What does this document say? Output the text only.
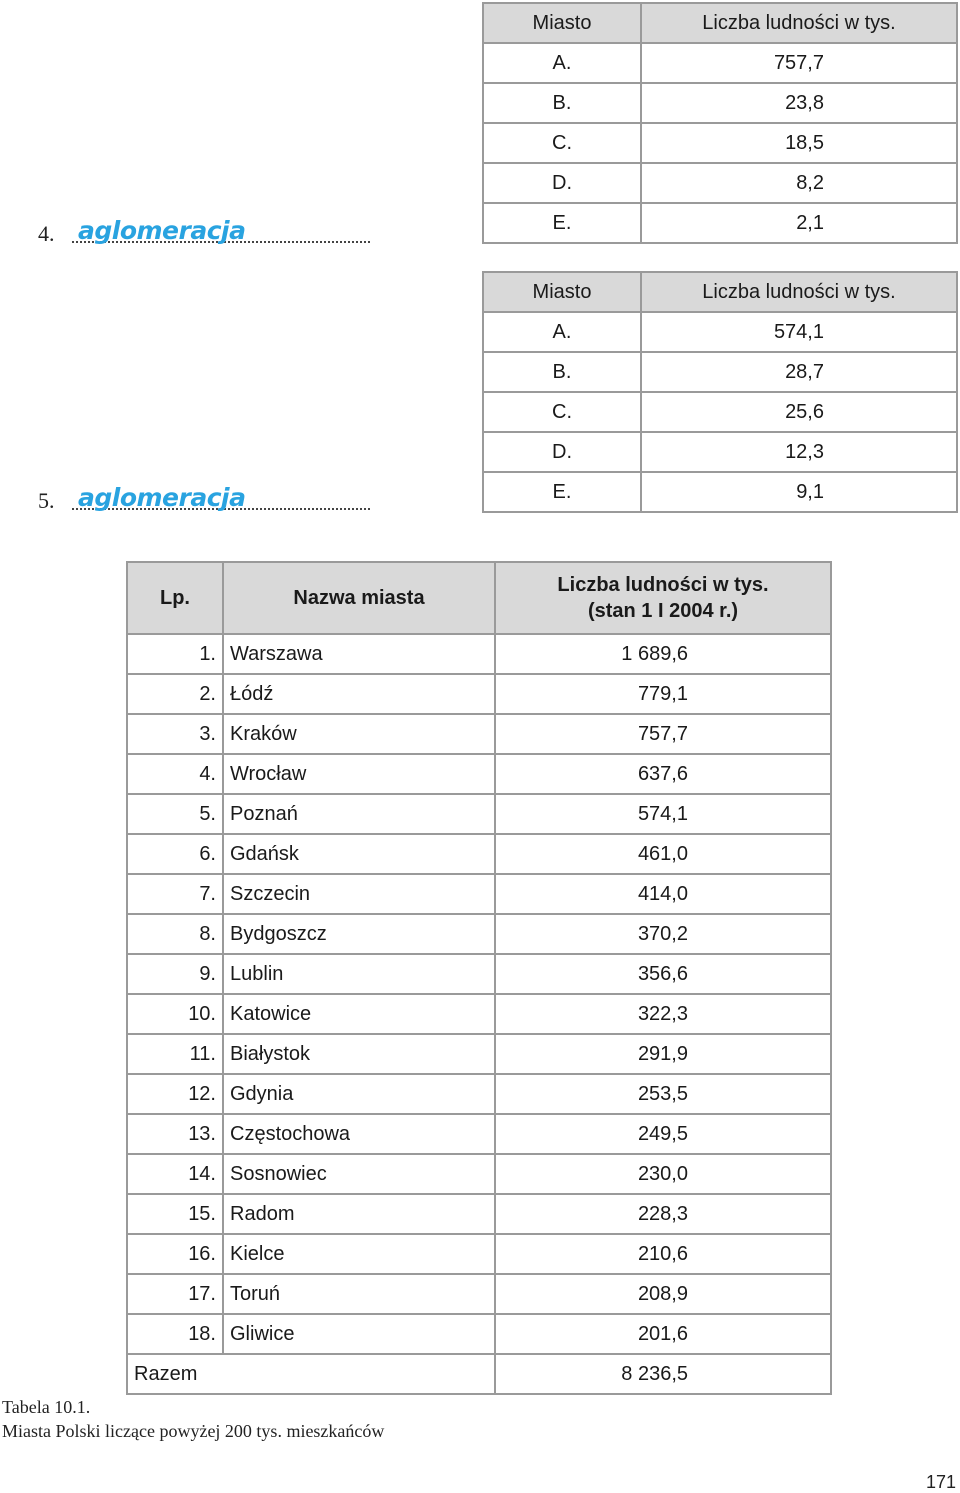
4. aglomeracja
5. aglomeracja
Miasto	Liczba ludności w tys.
A.	757,7
B.	23,8
C.	18,5
D.	8,2
E.	2,1
Miasto	Liczba ludności w tys.
A.	574,1
B.	28,7
C.	25,6
D.	12,3
E.	9,1
Lp.	Nazwa miasta	Liczba ludności w tys.
(stan 1 I 2004 r.)

1.	Warszawa	1 689,6
2.	Łódź	779,1
3.	Kraków	757,7
4.	Wrocław	637,6
5.	Poznań	574,1
6.	Gdańsk	461,0
7.	Szczecin	414,0
8.	Bydgoszcz	370,2
9.	Lublin	356,6
10.	Katowice	322,3
11.	Białystok	291,9
12.	Gdynia	253,5
13.	Częstochowa	249,5
14.	Sosnowiec	230,0
15.	Radom	228,3
16.	Kielce	210,6
17.	Toruń	208,9
18.	Gliwice	201,6
Razem		8 236,5
Tabela 10.1.
Miasta Polski liczące powyżej 200 tys. mieszkańców
171
